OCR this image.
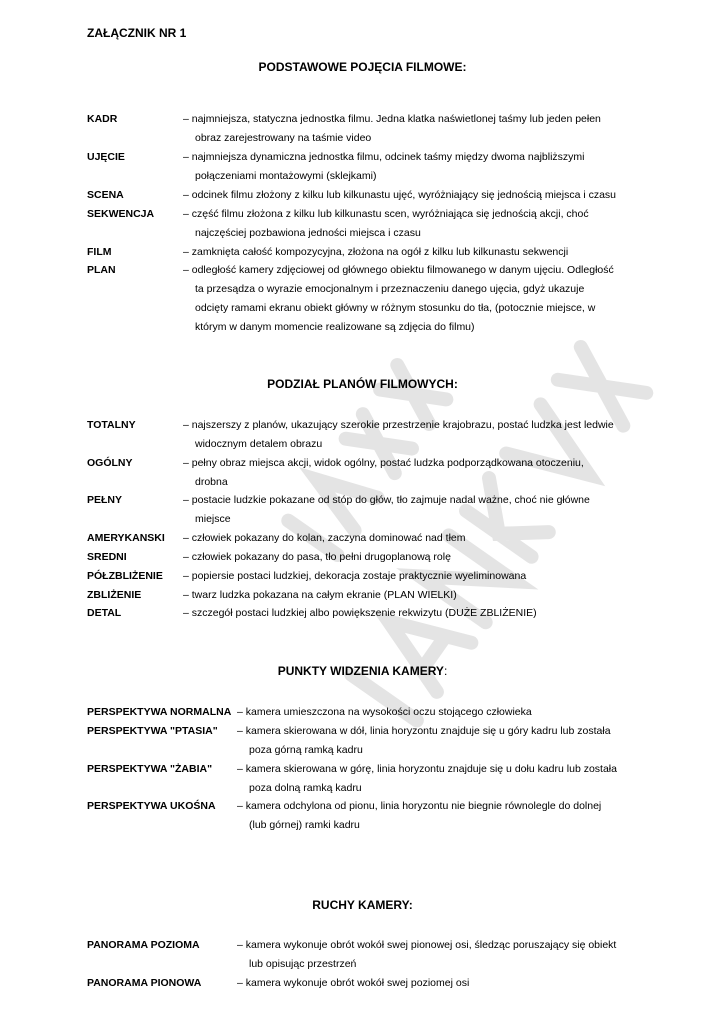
ZAŁĄCZNIK NR 1
PODSTAWOWE POJĘCIA FILMOWE:
KADR	– najmniejsza, statyczna jednostka filmu. Jedna klatka naświetlonej taśmy lub jeden pełen
obraz zarejestrowany na taśmie video
UJĘCIE	– najmniejsza dynamiczna jednostka filmu, odcinek taśmy między dwoma najbliższymi
połączeniami montażowymi (sklejkami)
SCENA	– odcinek filmu złożony z kilku lub kilkunastu ujęć, wyróżniający się jednością miejsca i czasu
SEKWENCJA	– część filmu złożona z kilku lub kilkunastu scen, wyróżniająca się jednością akcji, choć
najczęściej pozbawiona jedności miejsca i czasu
FILM	– zamknięta całość kompozycyjna, złożona na ogół z kilku lub kilkunastu sekwencji
PLAN	– odległość kamery zdjęciowej od głównego obiektu filmowanego w danym ujęciu. Odległość
ta przesądza o wyrazie emocjonalnym i przeznaczeniu danego ujęcia, gdyż ukazuje
odcięty ramami ekranu obiekt główny w różnym stosunku do tła, (potocznie miejsce, w
którym w danym momencie realizowane są zdjęcia do filmu)
PODZIAŁ PLANÓW FILMOWYCH:
TOTALNY	– najszerszy z planów, ukazujący szerokie przestrzenie krajobrazu, postać ludzka jest ledwie
widocznym detalem obrazu
OGÓLNY	– pełny obraz miejsca akcji, widok ogólny, postać ludzka podporządkowana otoczeniu,
drobna
PEŁNY	– postacie ludzkie pokazane od stóp do głów, tło zajmuje nadal ważne, choć nie główne
miejsce
AMERYKANSKI – człowiek pokazany do kolan, zaczyna dominować nad tłem
SREDNI	– człowiek pokazany do pasa, tło pełni drugoplanową rolę
PÓŁZBLIŻENIE – popiersie postaci ludzkiej, dekoracja zostaje praktycznie wyeliminowana
ZBLIŻENIE	– twarz ludzka pokazana na całym ekranie (PLAN WIELKI)
DETAL	– szczegół postaci ludzkiej albo powiększenie rekwizytu (DUŻE ZBLIŻENIE)
PUNKTY WIDZENIA KAMERY:
PERSPEKTYWA NORMALNA – kamera umieszczona na wysokości oczu stojącego człowieka
PERSPEKTYWA "PTASIA" – kamera skierowana w dół, linia horyzontu znajduje się u góry kadru lub została
poza górną ramką kadru
PERSPEKTYWA "ŻABIA" – kamera skierowana w górę, linia horyzontu znajduje się u dołu kadru lub została
poza dolną ramką kadru
PERSPEKTYWA UKOŚNA – kamera odchylona od pionu, linia horyzontu nie biegnie równolegle do dolnej
(lub górnej) ramki kadru
RUCHY KAMERY:
PANORAMA POZIOMA	– kamera wykonuje obrót wokół swej pionowej osi, śledząc poruszający się obiekt
lub opisując przestrzeń
PANORAMA PIONOWA	– kamera wykonuje obrót wokół swej poziomej osi
